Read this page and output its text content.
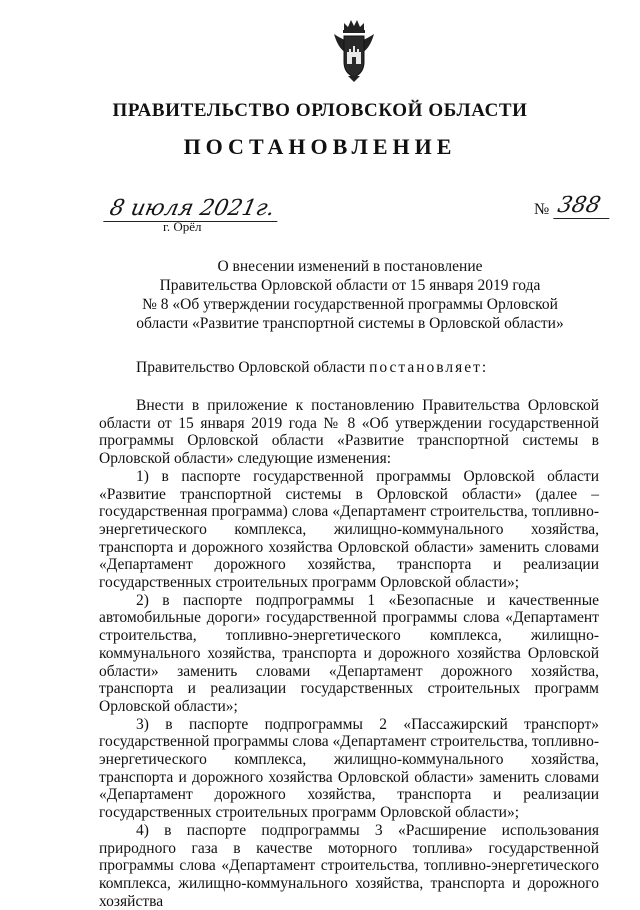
ПРАВИТЕЛЬСТВО ОРЛОВСКОЙ ОБЛАСТИ
ПОСТАНОВЛЕНИЕ
8 июля 2021г.
г. Орёл
№ 388
О внесении изменений в постановление
Правительства Орловской области от 15 января 2019 года
№ 8 «Об утверждении государственной программы Орловской
области «Развитие транспортной системы в Орловской области»
Правительство Орловской области постановляет:

Внести в приложение к постановлению Правительства Орловской области от 15 января 2019 года № 8 «Об утверждении государственной программы Орловской области «Развитие транспортной системы в Орловской области» следующие изменения:

1) в паспорте государственной программы Орловской области «Развитие транспортной системы в Орловской области» (далее – государственная программа) слова «Департамент строительства, топливно-энергетического комплекса, жилищно-коммунального хозяйства, транспорта и дорожного хозяйства Орловской области» заменить словами «Департамент дорожного хозяйства, транспорта и реализации государственных строительных программ Орловской области»;

2) в паспорте подпрограммы 1 «Безопасные и качественные автомобильные дороги» государственной программы слова «Департамент строительства, топливно-энергетического комплекса, жилищно-коммунального хозяйства, транспорта и дорожного хозяйства Орловской области» заменить словами «Департамент дорожного хозяйства, транспорта и реализации государственных строительных программ Орловской области»;

3) в паспорте подпрограммы 2 «Пассажирский транспорт» государственной программы слова «Департамент строительства, топливно-энергетического комплекса, жилищно-коммунального хозяйства, транспорта и дорожного хозяйства Орловской области» заменить словами «Департамент дорожного хозяйства, транспорта и реализации государственных строительных программ Орловской области»;

4) в паспорте подпрограммы 3 «Расширение использования природного газа в качестве моторного топлива» государственной программы слова «Департамент строительства, топливно-энергетического комплекса, жилищно-коммунального хозяйства, транспорта и дорожного хозяйства
